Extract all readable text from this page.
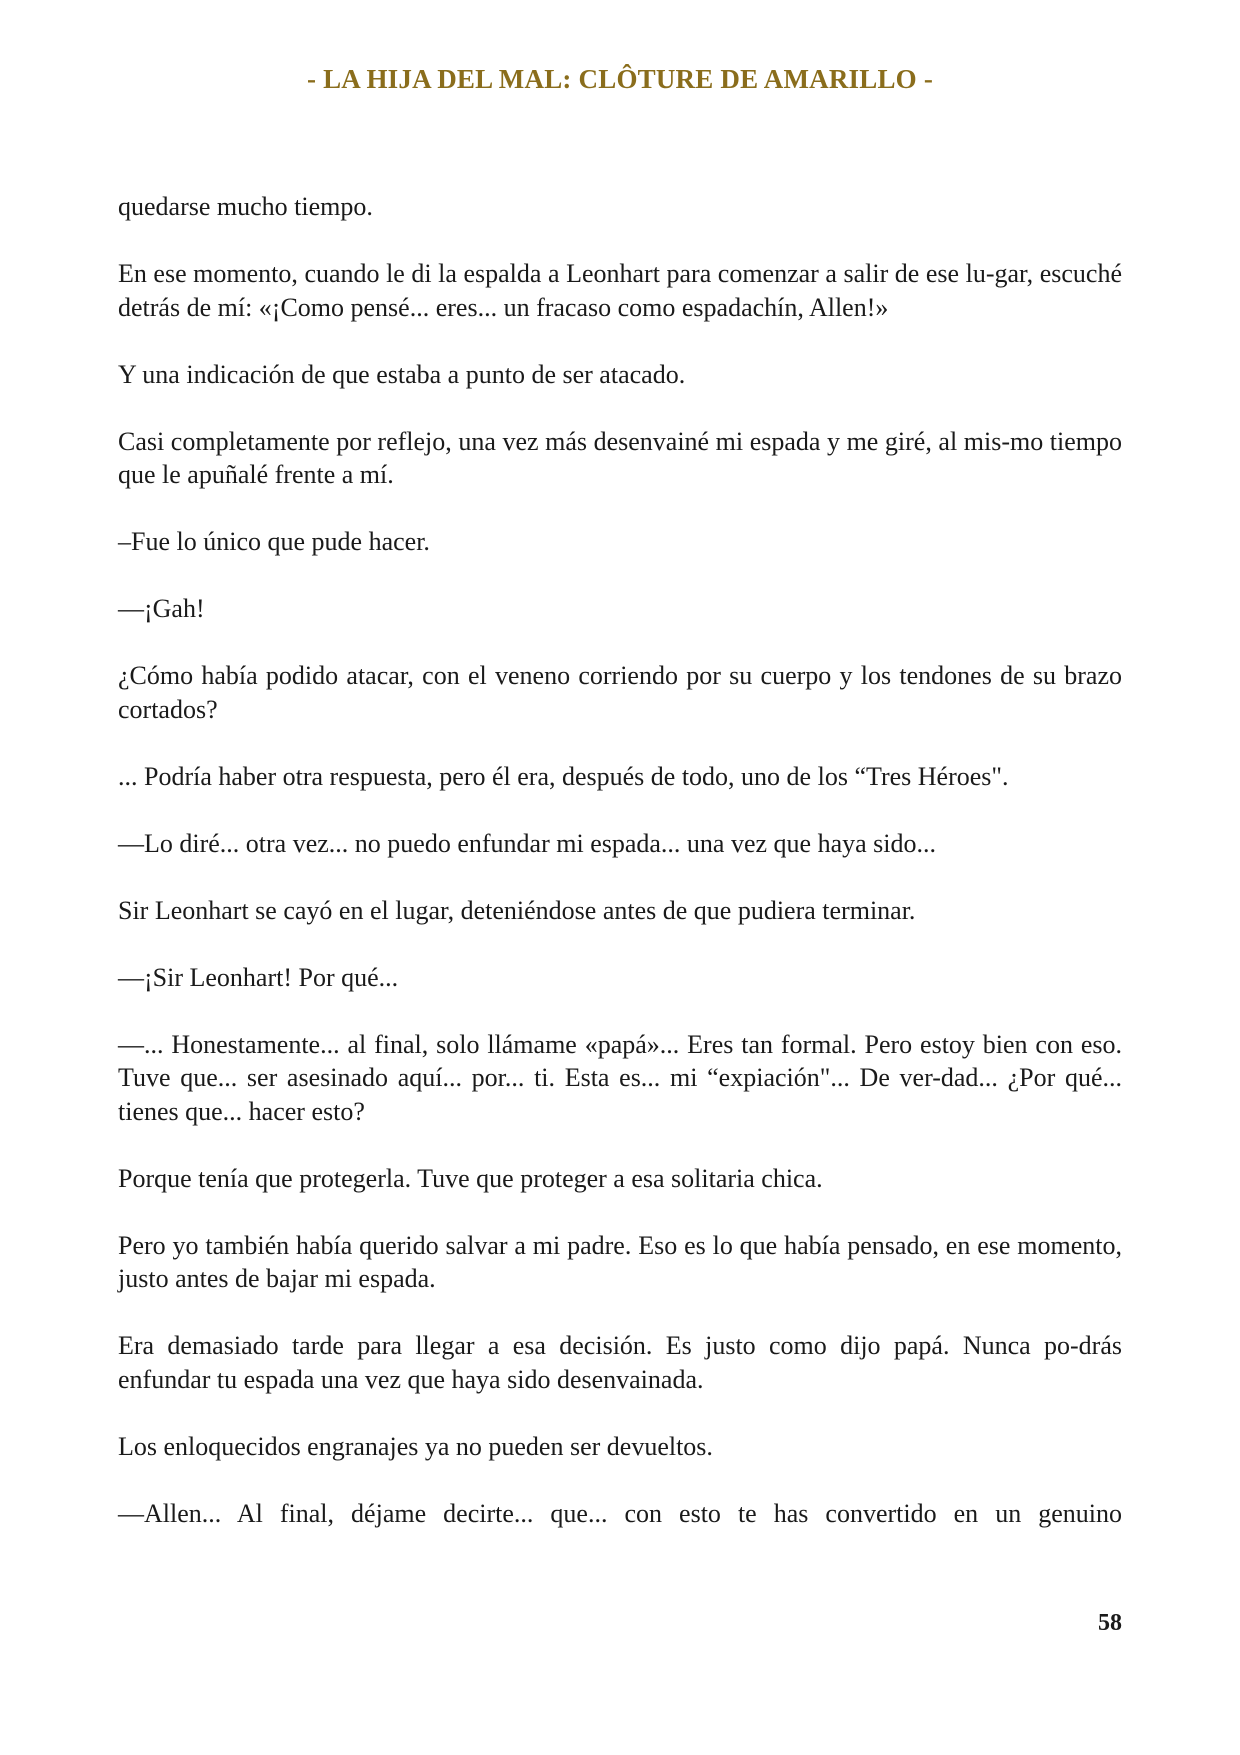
- LA HIJA DEL MAL: CLÔTURE DE AMARILLO -

quedarse mucho tiempo.

En ese momento, cuando le di la espalda a Leonhart para comenzar a salir de ese lu-gar, escuché detrás de mí: «¡Como pensé... eres... un fracaso como espadachín, Allen!»

Y una indicación de que estaba a punto de ser atacado.

Casi completamente por reflejo, una vez más desenvainé mi espada y me giré, al mis-mo tiempo que le apuñalé frente a mí.

–Fue lo único que pude hacer.

—¡Gah!

¿Cómo había podido atacar, con el veneno corriendo por su cuerpo y los tendones de su brazo cortados?

... Podría haber otra respuesta, pero él era, después de todo, uno de los “Tres Héroes".

—Lo diré... otra vez... no puedo enfundar mi espada... una vez que haya sido...

Sir Leonhart se cayó en el lugar, deteniéndose antes de que pudiera terminar.

—¡Sir Leonhart! Por qué...

—... Honestamente... al final, solo llámame «papá»... Eres tan formal. Pero estoy bien con eso. Tuve que... ser asesinado aquí... por... ti. Esta es... mi “expiación"... De ver-dad... ¿Por qué... tienes que... hacer esto?

Porque tenía que protegerla. Tuve que proteger a esa solitaria chica.

Pero yo también había querido salvar a mi padre. Eso es lo que había pensado, en ese momento, justo antes de bajar mi espada.

Era demasiado tarde para llegar a esa decisión. Es justo como dijo papá. Nunca po-drás enfundar tu espada una vez que haya sido desenvainada.

Los enloquecidos engranajes ya no pueden ser devueltos.

—Allen... Al final, déjame decirte... que... con esto te has convertido en un genuino

58
